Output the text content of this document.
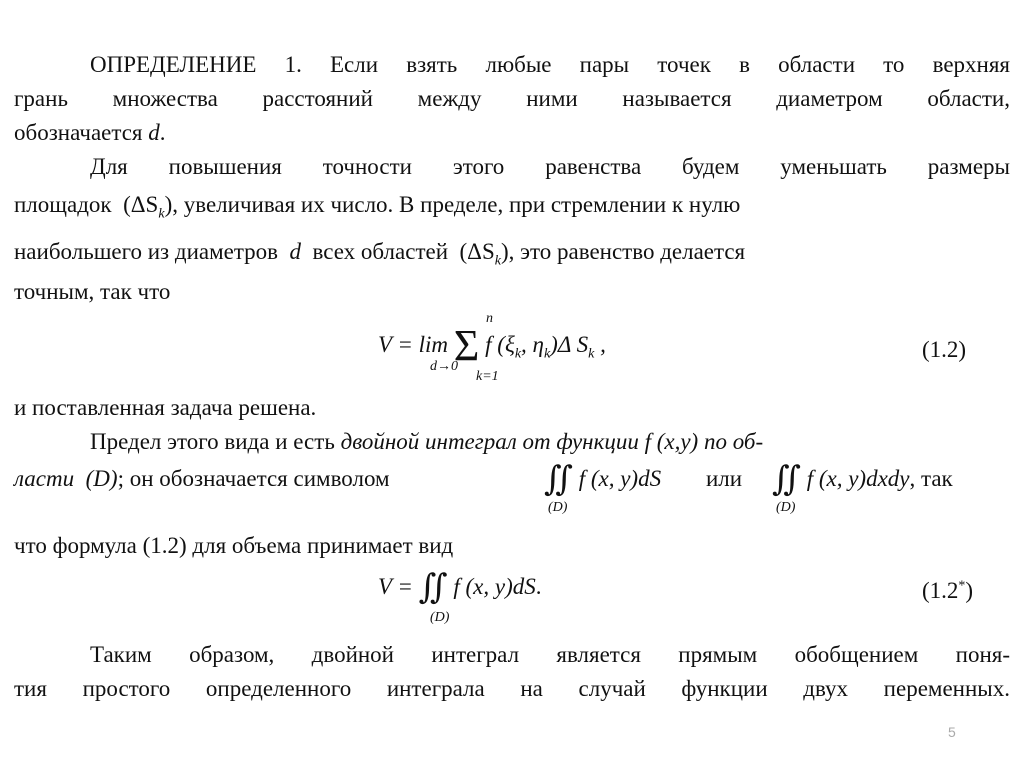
ОПРЕДЕЛЕНИЕ 1. Если взять любые пары точек в области то верхняя
грань множества расстояний между ними называется диаметром области,
обозначается d.
Для повышения точности этого равенства будем уменьшать размеры
площадок $(\Delta S_k)$, увеличивая их число. В пределе, при стремлении к нулю
наибольшего из диаметров d всех областей $(\Delta S_k)$, это равенство делается
точным, так что
V = lim Σ f ($\xi_k$, $\eta_k)\Delta$ $S_k$ ,
d→0
n
k=1
(1.2)
и поставленная задача решена.
Предел этого вида и есть двойной интеграл от функции f (x,y) по об-
ласти (D); он обозначается символом	∬ f (x, y)dS
(D)
или ∬ f (x, y)dxdy, так
(D)
что формула (1.2) для объема принимает вид
V = ∬ f (x, y)dS.
(D)
(1.2*)
Таким образом, двойной интеграл является прямым обобщением поня-
тия простого определенного интеграла на случай функции двух переменных.
5
